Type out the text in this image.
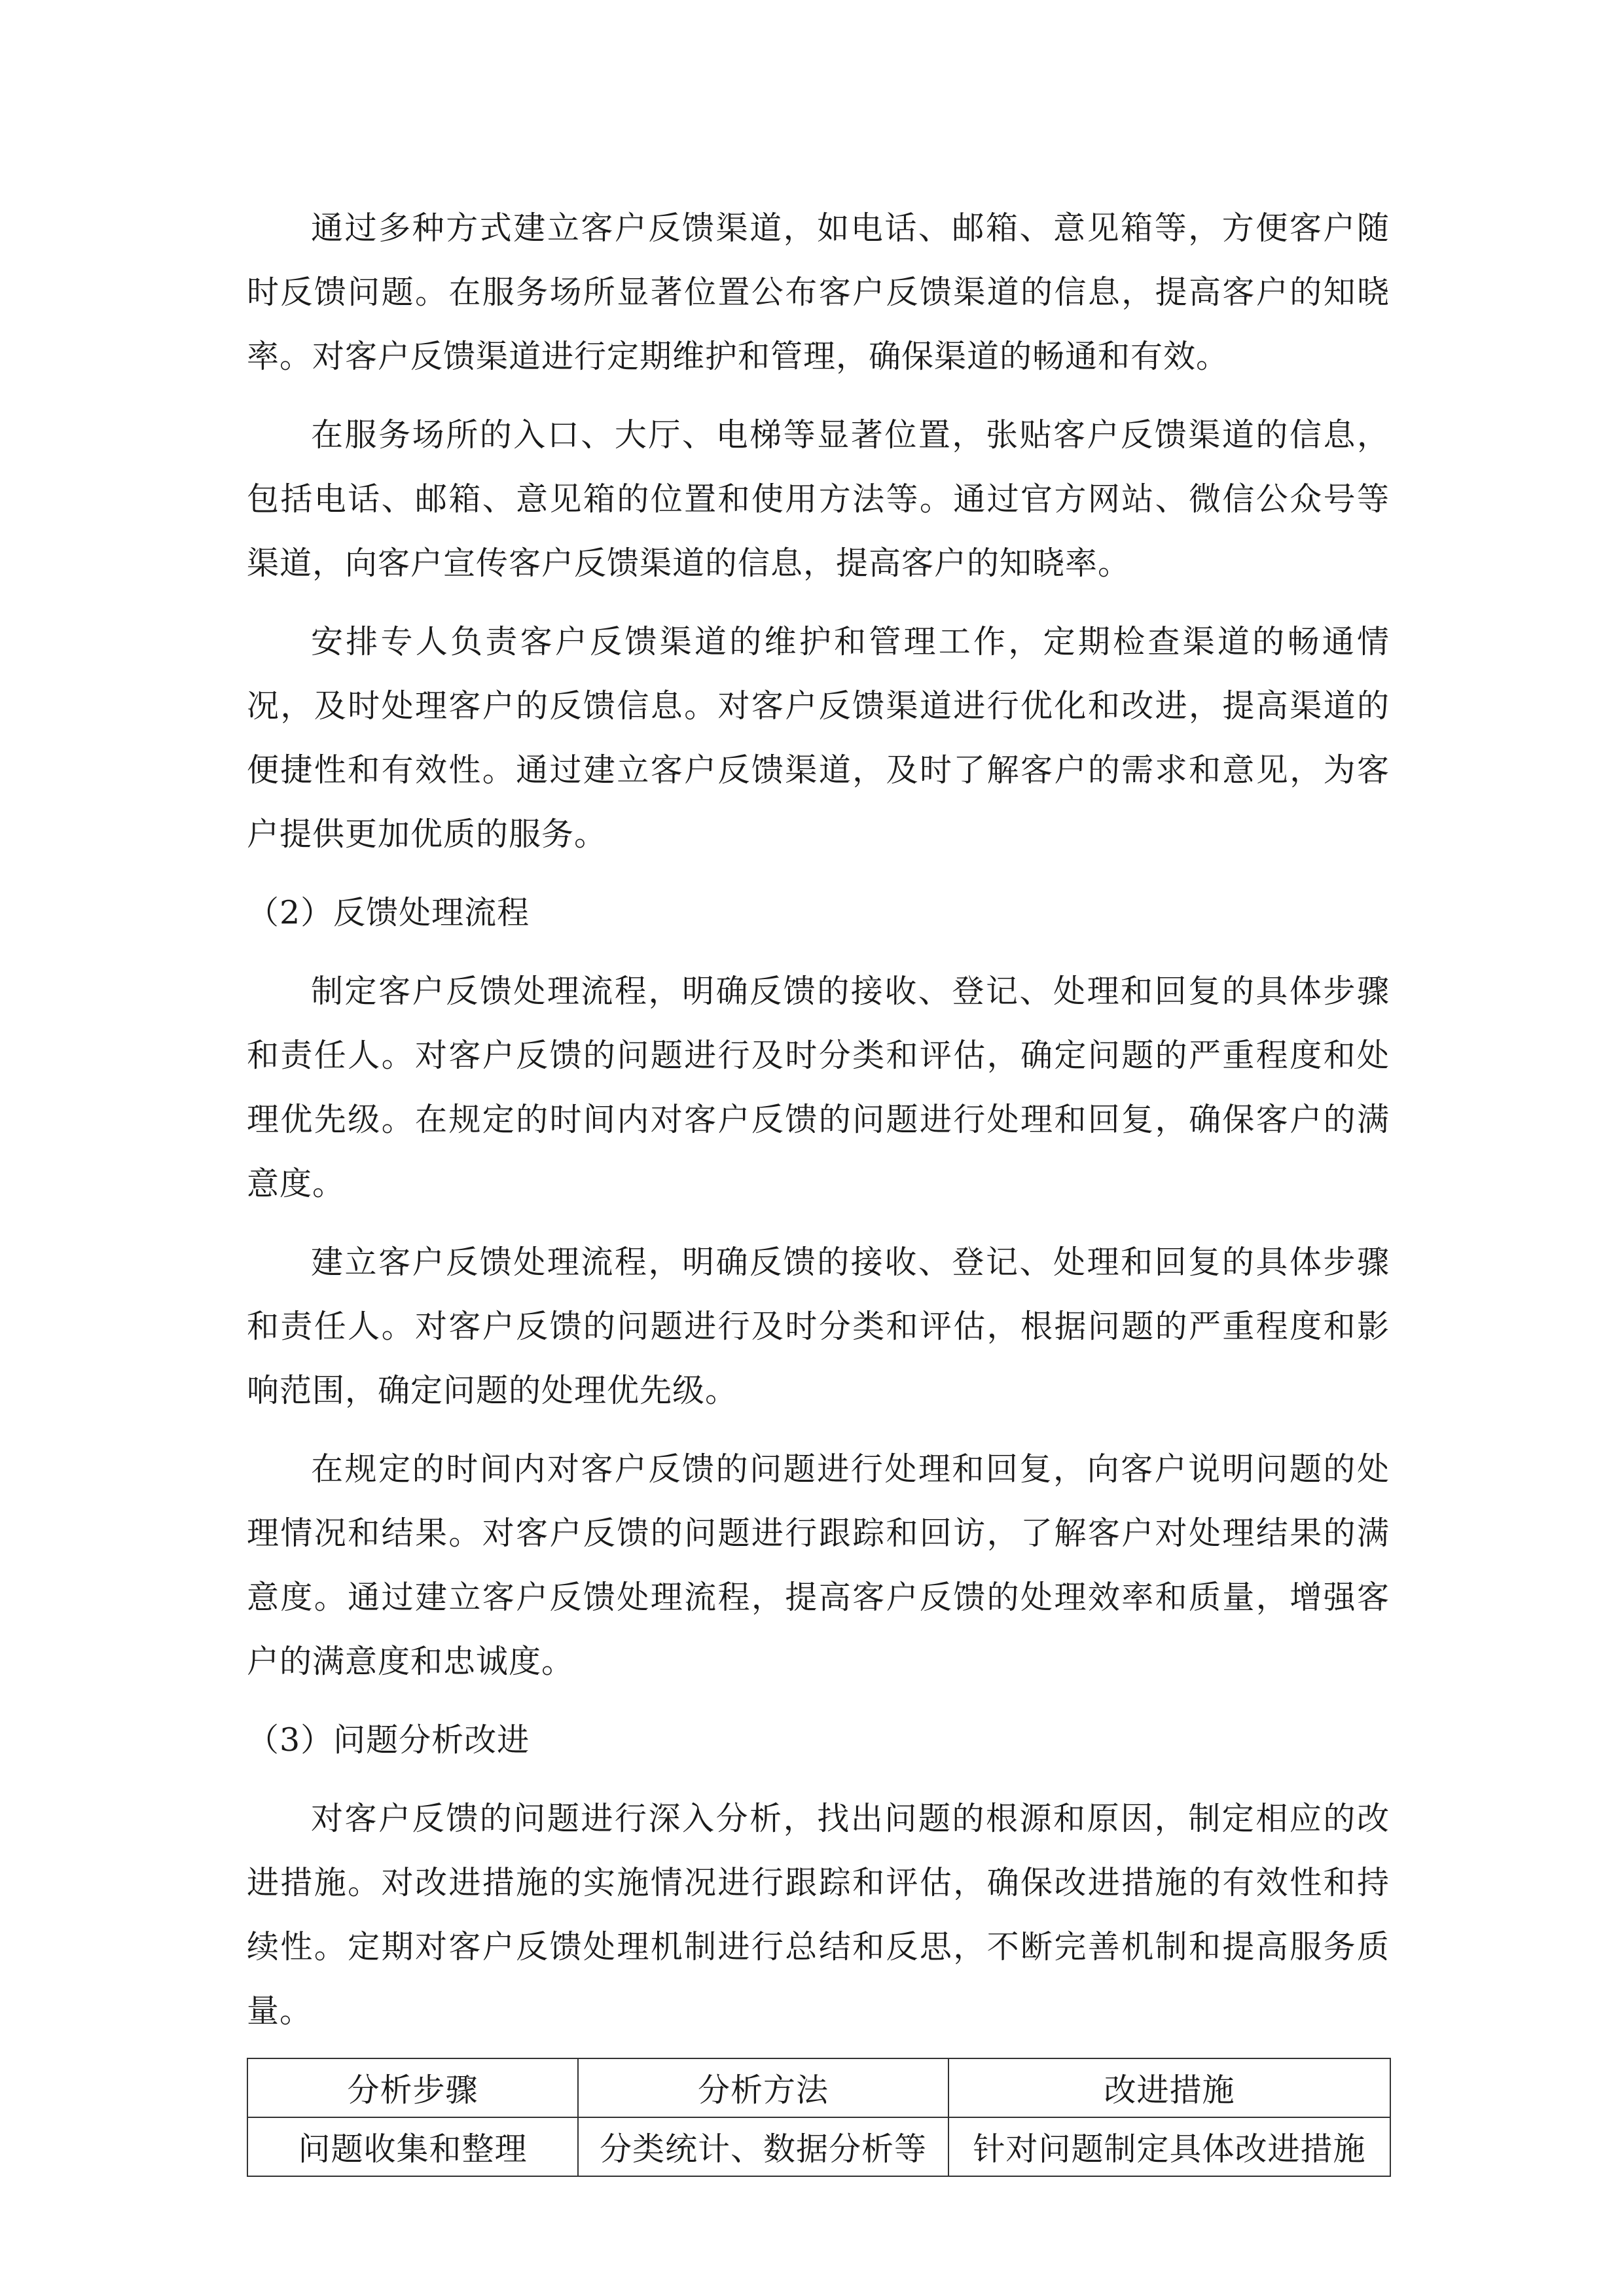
通过多种方式建立客户反馈渠道，如电话、邮箱、意见箱等，方便客户随时反馈问题。在服务场所显著位置公布客户反馈渠道的信息，提高客户的知晓率。对客户反馈渠道进行定期维护和管理，确保渠道的畅通和有效。

在服务场所的入口、大厅、电梯等显著位置，张贴客户反馈渠道的信息，包括电话、邮箱、意见箱的位置和使用方法等。通过官方网站、微信公众号等渠道，向客户宣传客户反馈渠道的信息，提高客户的知晓率。

安排专人负责客户反馈渠道的维护和管理工作，定期检查渠道的畅通情况，及时处理客户的反馈信息。对客户反馈渠道进行优化和改进，提高渠道的便捷性和有效性。通过建立客户反馈渠道，及时了解客户的需求和意见，为客户提供更加优质的服务。

（2）反馈处理流程

制定客户反馈处理流程，明确反馈的接收、登记、处理和回复的具体步骤和责任人。对客户反馈的问题进行及时分类和评估，确定问题的严重程度和处理优先级。在规定的时间内对客户反馈的问题进行处理和回复，确保客户的满意度。

建立客户反馈处理流程，明确反馈的接收、登记、处理和回复的具体步骤和责任人。对客户反馈的问题进行及时分类和评估，根据问题的严重程度和影响范围，确定问题的处理优先级。

在规定的时间内对客户反馈的问题进行处理和回复，向客户说明问题的处理情况和结果。对客户反馈的问题进行跟踪和回访，了解客户对处理结果的满意度。通过建立客户反馈处理流程，提高客户反馈的处理效率和质量，增强客户的满意度和忠诚度。

（3）问题分析改进

对客户反馈的问题进行深入分析，找出问题的根源和原因，制定相应的改进措施。对改进措施的实施情况进行跟踪和评估，确保改进措施的有效性和持续性。定期对客户反馈处理机制进行总结和反思，不断完善机制和提高服务质量。

分析步骤	分析方法	改进措施
问题收集和整理	分类统计、数据分析等	针对问题制定具体改进措施
